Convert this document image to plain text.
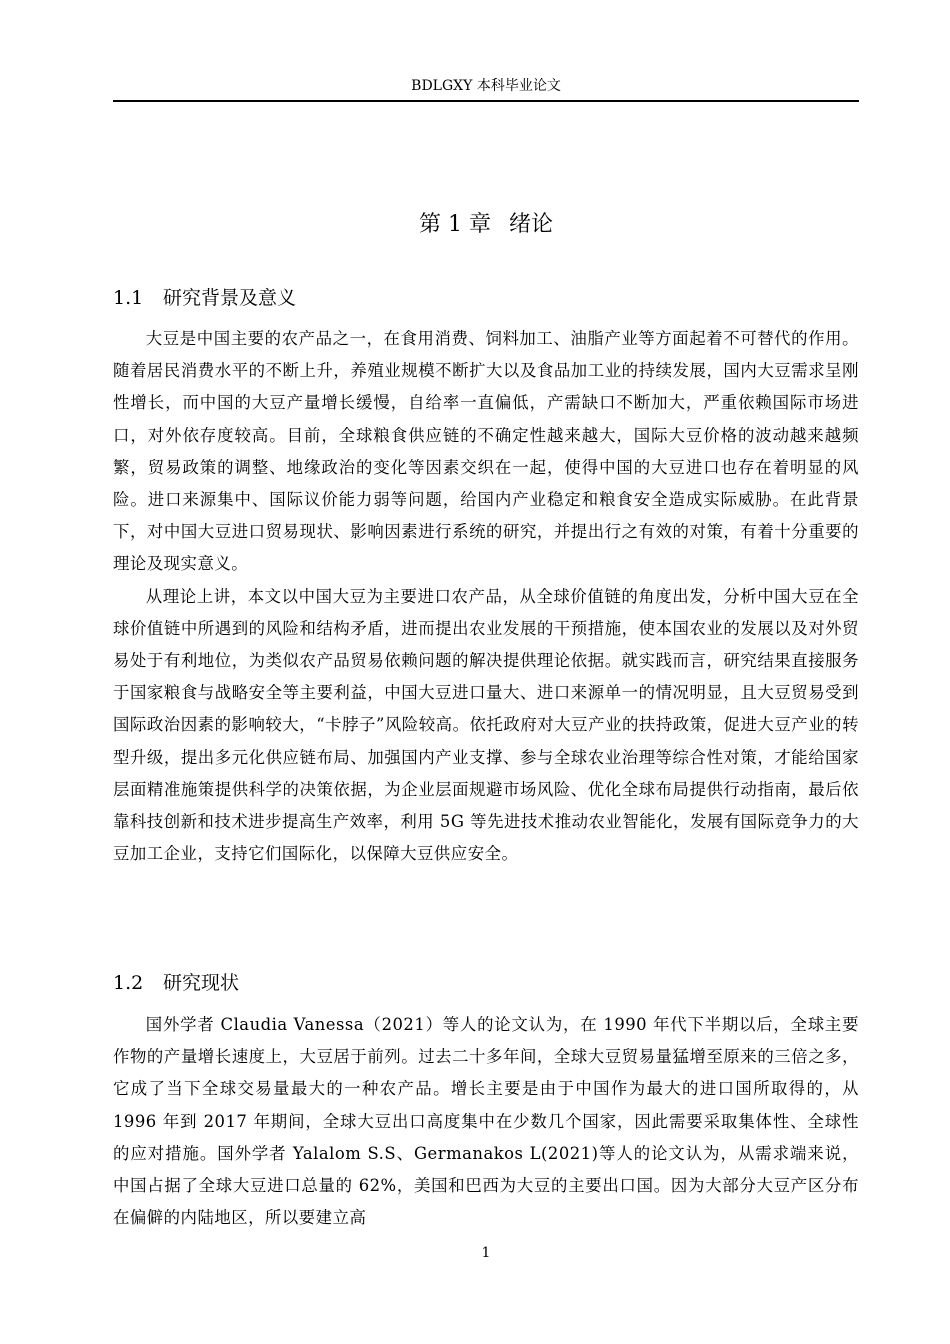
BDLGXY 本科毕业论文
第 1 章 绪论
1.1 研究背景及意义

大豆是中国主要的农产品之一，在食用消费、饲料加工、油脂产业等方面起着不可替代的作用。随着居民消费水平的不断上升，养殖业规模不断扩大以及食品加工业的持续发展，国内大豆需求呈刚性增长，而中国的大豆产量增长缓慢，自给率一直偏低，产需缺口不断加大，严重依赖国际市场进口，对外依存度较高。目前，全球粮食供应链的不确定性越来越大，国际大豆价格的波动越来越频繁，贸易政策的调整、地缘政治的变化等因素交织在一起，使得中国的大豆进口也存在着明显的风险。进口来源集中、国际议价能力弱等问题，给国内产业稳定和粮食安全造成实际威胁。在此背景下，对中国大豆进口贸易现状、影响因素进行系统的研究，并提出行之有效的对策，有着十分重要的理论及现实意义。

从理论上讲，本文以中国大豆为主要进口农产品，从全球价值链的角度出发，分析中国大豆在全球价值链中所遇到的风险和结构矛盾，进而提出农业发展的干预措施，使本国农业的发展以及对外贸易处于有利地位，为类似农产品贸易依赖问题的解决提供理论依据。就实践而言，研究结果直接服务于国家粮食与战略安全等主要利益，中国大豆进口量大、进口来源单一的情况明显，且大豆贸易受到国际政治因素的影响较大，“卡脖子”风险较高。依托政府对大豆产业的扶持政策，促进大豆产业的转型升级，提出多元化供应链布局、加强国内产业支撑、参与全球农业治理等综合性对策，才能给国家层面精准施策提供科学的决策依据，为企业层面规避市场风险、优化全球布局提供行动指南，最后依靠科技创新和技术进步提高生产效率，利用 5G 等先进技术推动农业智能化，发展有国际竞争力的大豆加工企业，支持它们国际化，以保障大豆供应安全。

1.2 研究现状

国外学者 Claudia Vanessa（2021）等人的论文认为，在 1990 年代下半期以后，全球主要作物的产量增长速度上，大豆居于前列。过去二十多年间，全球大豆贸易量猛增至原来的三倍之多，它成了当下全球交易量最大的一种农产品。增长主要是由于中国作为最大的进口国所取得的，从 1996 年到 2017 年期间，全球大豆出口高度集中在少数几个国家，因此需要采取集体性、全球性的应对措施。国外学者 Yalalom S.S、Germanakos L(2021)等人的论文认为，从需求端来说，中国占据了全球大豆进口总量的 62%，美国和巴西为大豆的主要出口国。因为大部分大豆产区分布在偏僻的内陆地区，所以要建立高

1
